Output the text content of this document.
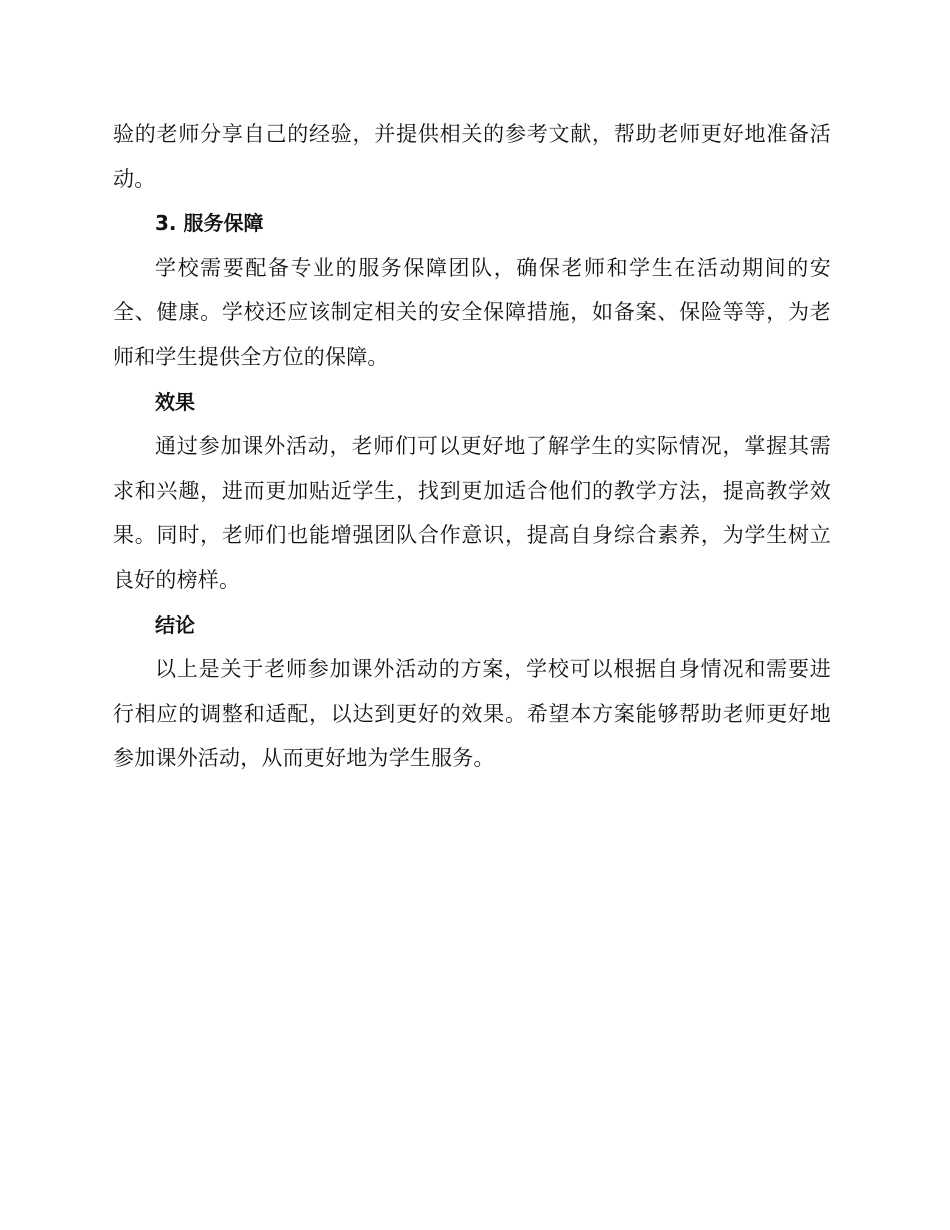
验的老师分享自己的经验，并提供相关的参考文献，帮助老师更好地准备活动。

3. 服务保障

学校需要配备专业的服务保障团队，确保老师和学生在活动期间的安全、健康。学校还应该制定相关的安全保障措施，如备案、保险等等，为老师和学生提供全方位的保障。

效果

通过参加课外活动，老师们可以更好地了解学生的实际情况，掌握其需求和兴趣，进而更加贴近学生，找到更加适合他们的教学方法，提高教学效果。同时，老师们也能增强团队合作意识，提高自身综合素养，为学生树立良好的榜样。

结论

以上是关于老师参加课外活动的方案，学校可以根据自身情况和需要进行相应的调整和适配，以达到更好的效果。希望本方案能够帮助老师更好地参加课外活动，从而更好地为学生服务。
